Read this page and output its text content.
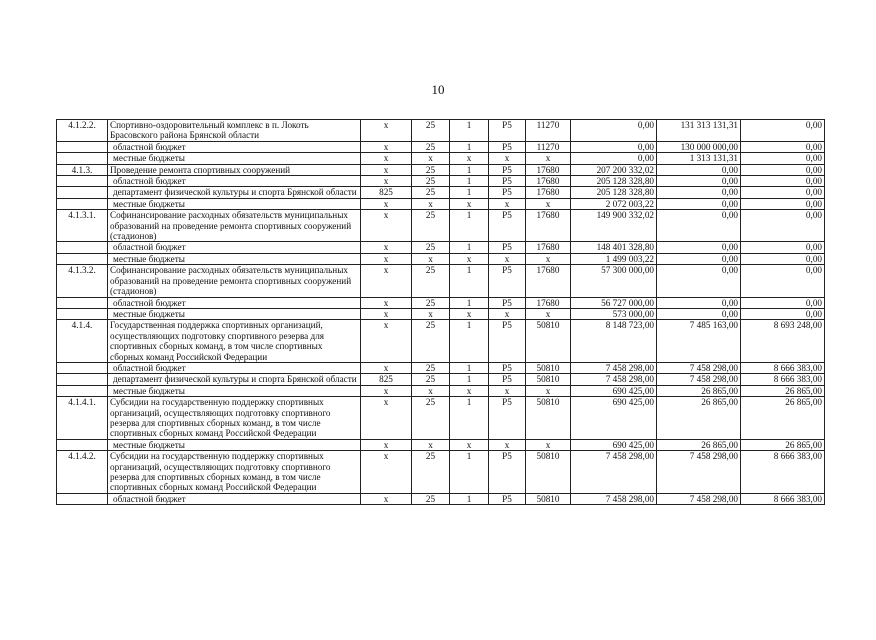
10
4.1.2.2.	Спортивно-оздоровительный комплекс в п. Локоть Брасовского района Брянской области	х	25	1	Р5	11270	0,00	131 313 131,31	0,00
	областной бюджет	х	25	1	Р5	11270	0,00	130 000 000,00	0,00
	местные бюджеты	х	х	х	х	х	0,00	1 313 131,31	0,00
4.1.3.	Проведение ремонта спортивных сооружений	х	25	1	Р5	17680	207 200 332,02	0,00	0,00
	областной бюджет	х	25	1	Р5	17680	205 128 328,80	0,00	0,00
	департамент физической культуры и спорта Брянской области	825	25	1	Р5	17680	205 128 328,80	0,00	0,00
	местные бюджеты	х	х	х	х	х	2 072 003,22	0,00	0,00
4.1.3.1.	Софинансирование расходных обязательств муниципальных образований на проведение ремонта спортивных сооружений (стадионов)	х	25	1	Р5	17680	149 900 332,02	0,00	0,00
	областной бюджет	х	25	1	Р5	17680	148 401 328,80	0,00	0,00
	местные бюджеты	х	х	х	х	х	1 499 003,22	0,00	0,00
4.1.3.2.	Софинансирование расходных обязательств муниципальных образований на проведение ремонта спортивных сооружений (стадионов)	х	25	1	Р5	17680	57 300 000,00	0,00	0,00
	областной бюджет	х	25	1	Р5	17680	56 727 000,00	0,00	0,00
	местные бюджеты	х	х	х	х	х	573 000,00	0,00	0,00
4.1.4.	Государственная поддержка спортивных организаций, осуществляющих подготовку спортивного резерва для спортивных сборных команд, в том числе спортивных сборных команд Российской Федерации	х	25	1	Р5	50810	8 148 723,00	7 485 163,00	8 693 248,00
	областной бюджет	х	25	1	Р5	50810	7 458 298,00	7 458 298,00	8 666 383,00
	департамент физической культуры и спорта Брянской области	825	25	1	Р5	50810	7 458 298,00	7 458 298,00	8 666 383,00
	местные бюджеты	х	х	х	х	х	690 425,00	26 865,00	26 865,00
4.1.4.1.	Субсидии на государственную поддержку спортивных организаций, осуществляющих подготовку спортивного резерва для спортивных сборных команд, в том числе спортивных сборных команд Российской Федерации	х	25	1	Р5	50810	690 425,00	26 865,00	26 865,00
	местные бюджеты	х	х	х	х	х	690 425,00	26 865,00	26 865,00
4.1.4.2.	Субсидии на государственную поддержку спортивных организаций, осуществляющих подготовку спортивного резерва для спортивных сборных команд, в том числе спортивных сборных команд Российской Федерации	х	25	1	Р5	50810	7 458 298,00	7 458 298,00	8 666 383,00
	областной бюджет	х	25	1	Р5	50810	7 458 298,00	7 458 298,00	8 666 383,00
